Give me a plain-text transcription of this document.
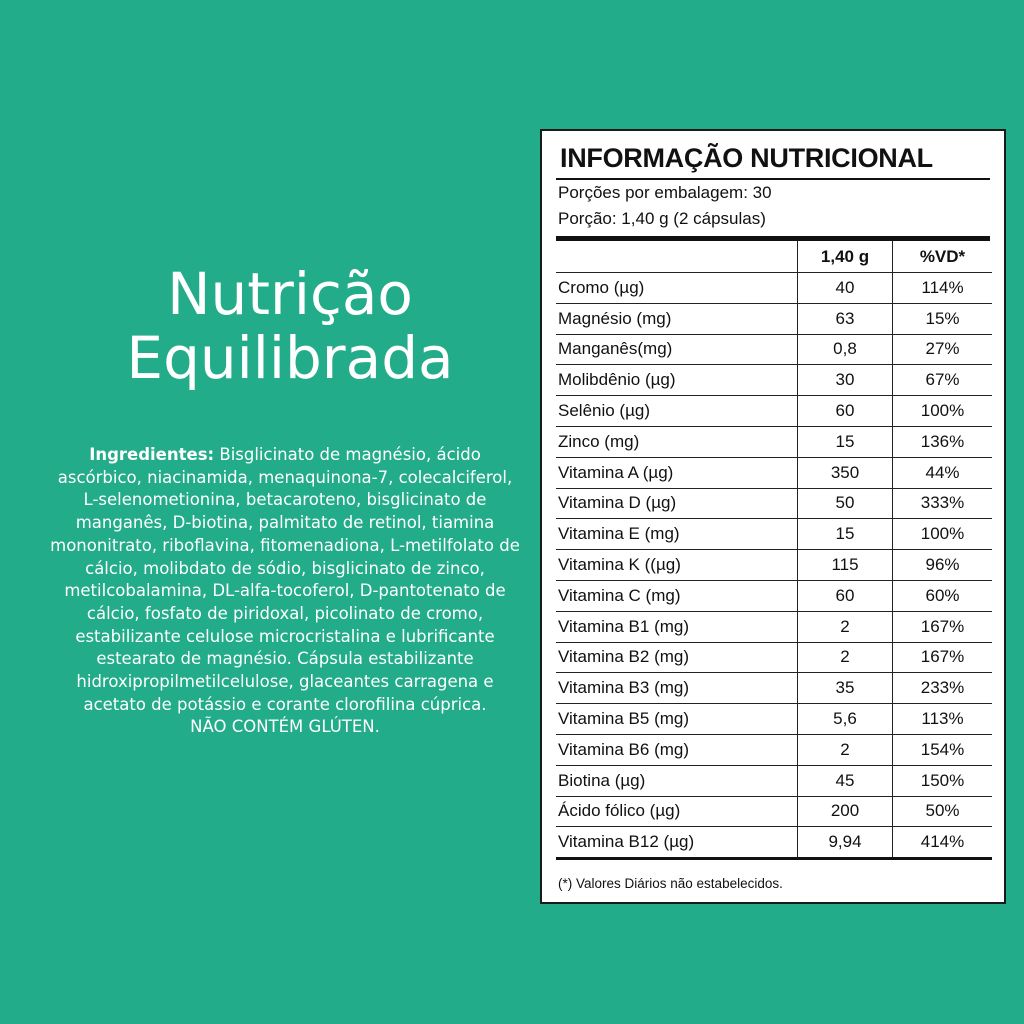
Nutrição
Equilibrada
Ingredientes: Bisglicinato de magnésio, ácido ascórbico, niacinamida, menaquinona-7, colecalciferol, L-selenometionina, betacaroteno, bisglicinato de manganês, D-biotina, palmitato de retinol, tiamina mononitrato, riboflavina, fitomenadiona, L-metilfolato de cálcio, molibdato de sódio, bisglicinato de zinco, metilcobalamina, DL-alfa-tocoferol, D-pantotenato de cálcio, fosfato de piridoxal, picolinato de cromo, estabilizante celulose microcristalina e lubrificante estearato de magnésio. Cápsula estabilizante hidroxipropilmetilcelulose, glaceantes carragena e acetato de potássio e corante clorofilina cúprica.
NÃO CONTÉM GLÚTEN.
INFORMAÇÃO NUTRICIONAL
Porções por embalagem: 30
Porção: 1,40 g (2 cápsulas)
	1,40 g	%VD*
Cromo (µg)	40	114%
Magnésio (mg)	63	15%
Manganês(mg)	0,8	27%
Molibdênio (µg)	30	67%
Selênio (µg)	60	100%
Zinco (mg)	15	136%
Vitamina A (µg)	350	44%
Vitamina D (µg)	50	333%
Vitamina E (mg)	15	100%
Vitamina K ((µg)	115	96%
Vitamina C (mg)	60	60%
Vitamina B1 (mg)	2	167%
Vitamina B2 (mg)	2	167%
Vitamina B3 (mg)	35	233%
Vitamina B5 (mg)	5,6	113%
Vitamina B6 (mg)	2	154%
Biotina (µg)	45	150%
Ácido fólico (µg)	200	50%
Vitamina B12 (µg)	9,94	414%
(*) Valores Diários não estabelecidos.
